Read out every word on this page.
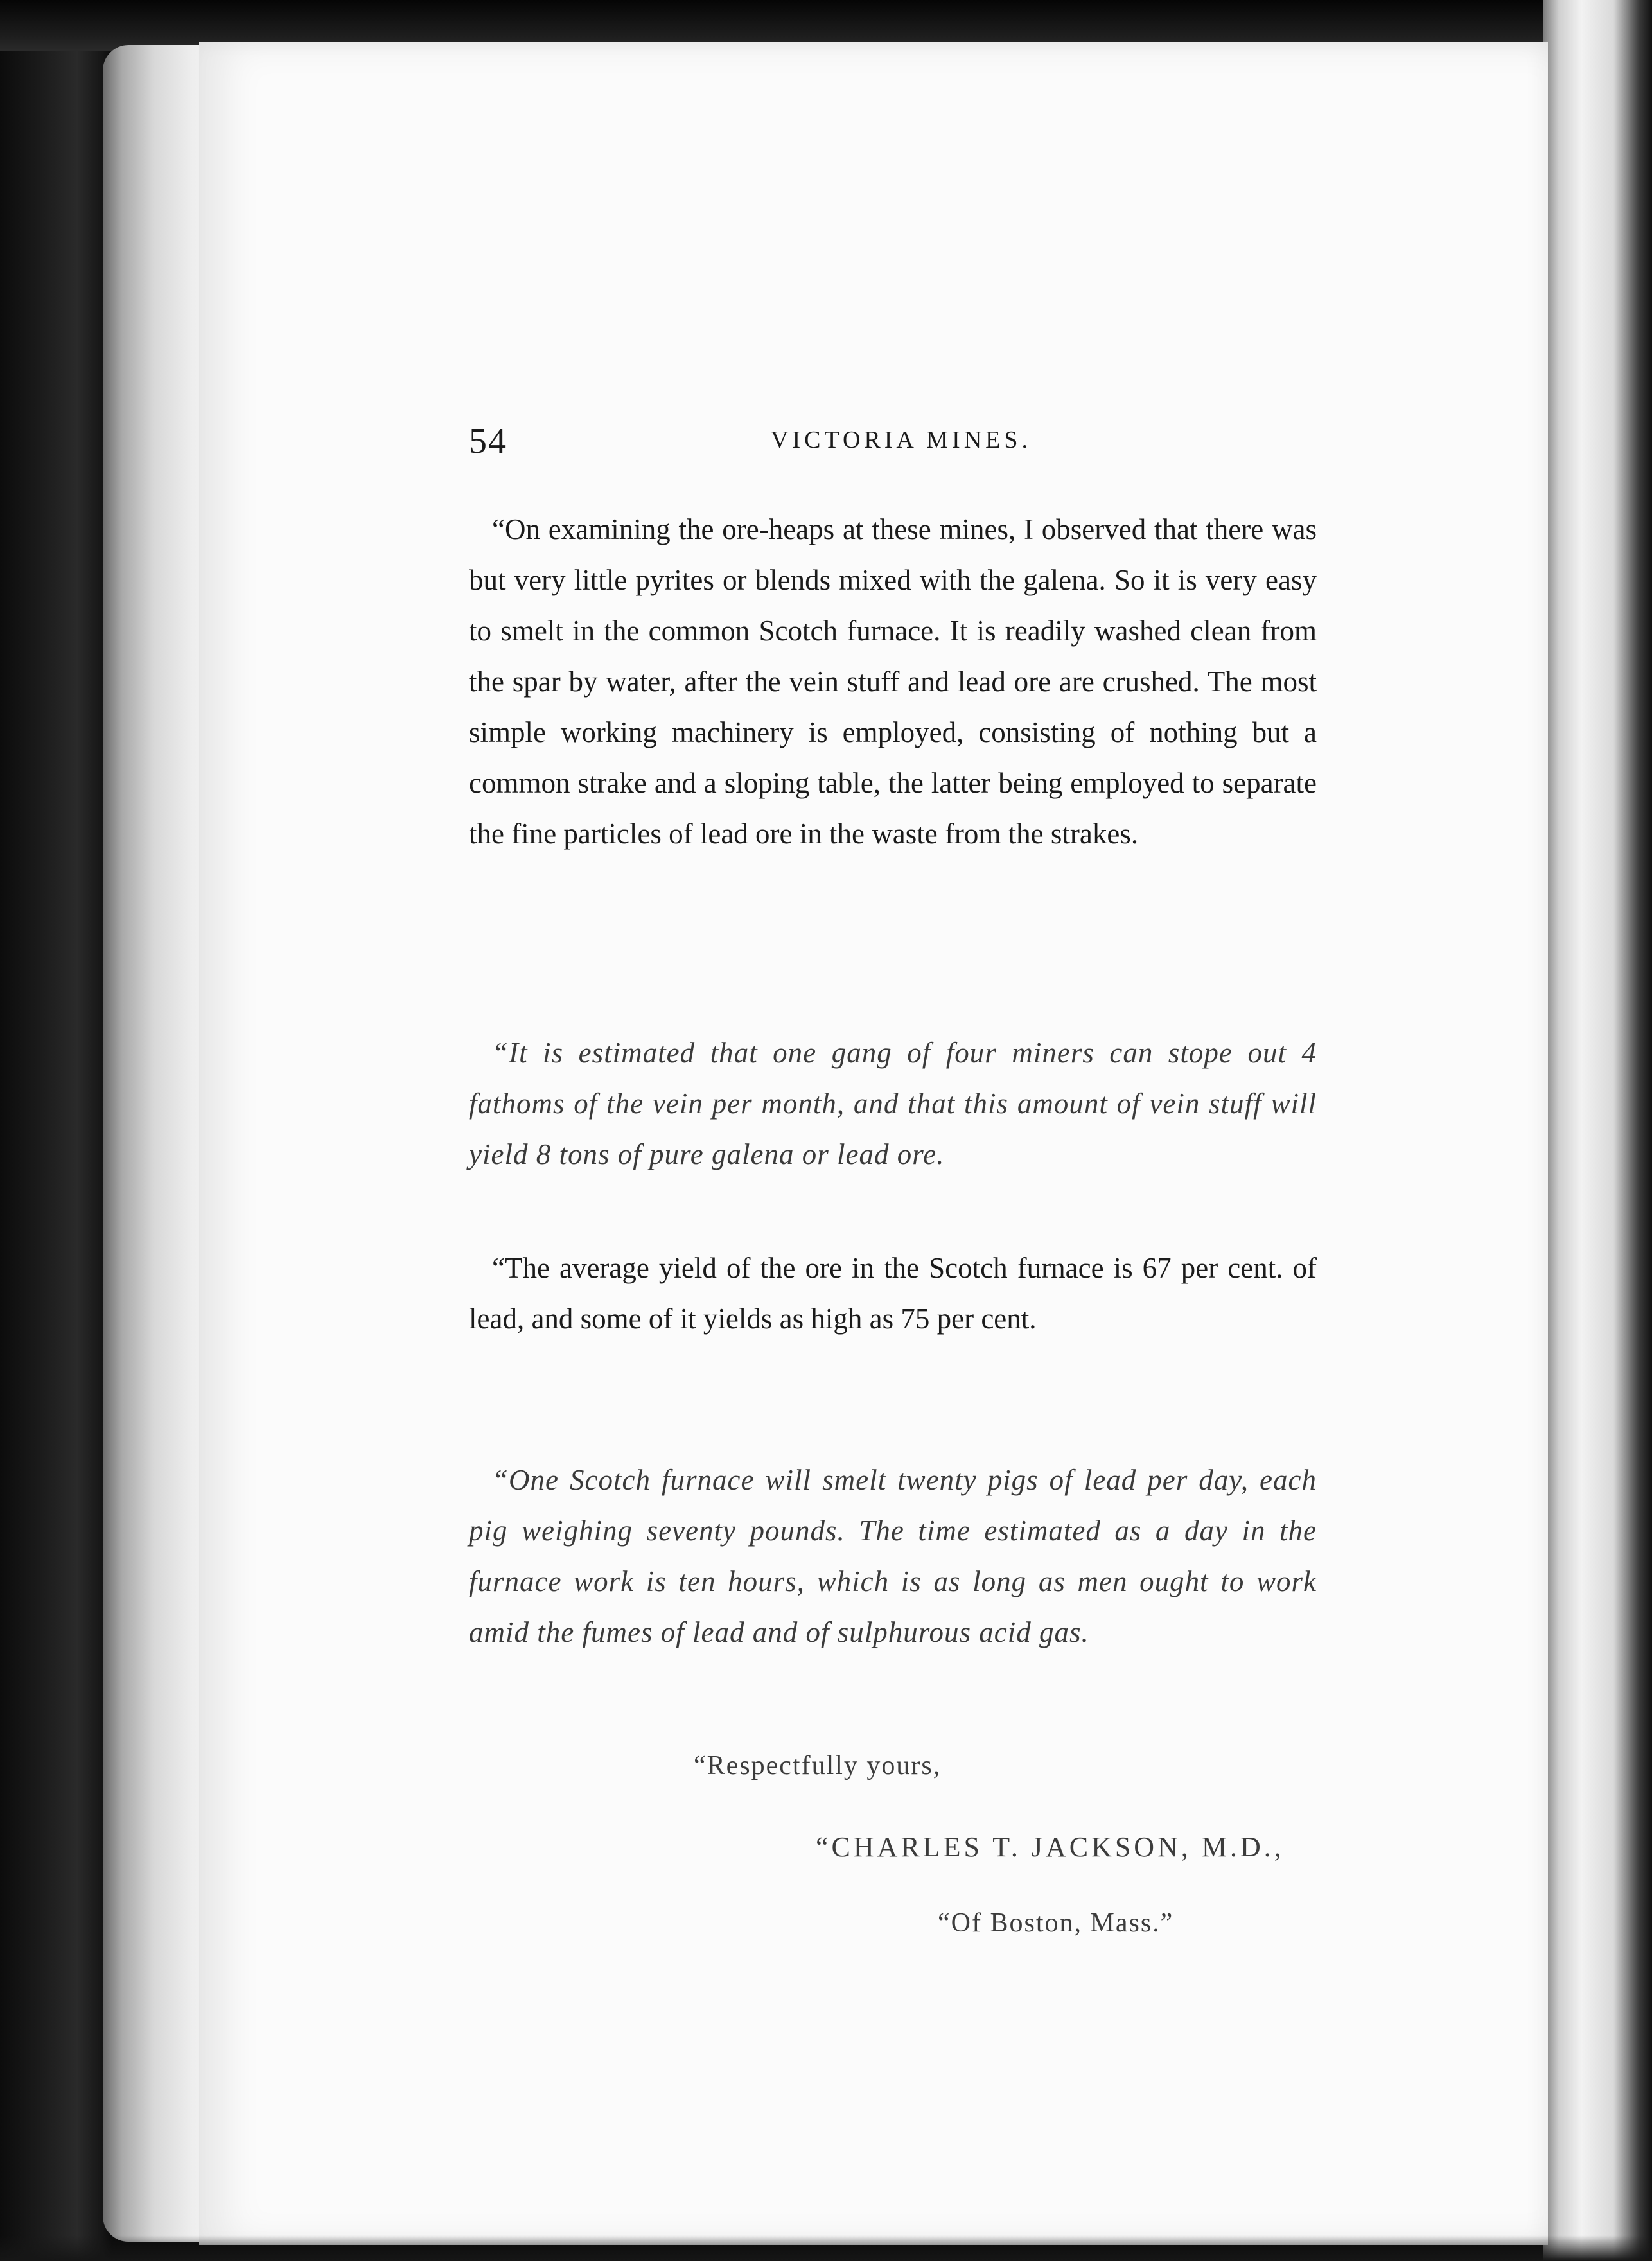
54	VICTORIA MINES.

“On examining the ore-heaps at these mines, I observed that there was but very little pyrites or blends mixed with the galena. So it is very easy to smelt in the common Scotch furnace. It is readily washed clean from the spar by water, after the vein stuff and lead ore are crushed. The most simple working machinery is employed, consisting of nothing but a common strake and a sloping table, the latter being employed to separate the fine particles of lead ore in the waste from the strakes.

“It is estimated that one gang of four miners can stope out 4 fathoms of the vein per month, and that this amount of vein stuff will yield 8 tons of pure galena or lead ore.

“The average yield of the ore in the Scotch furnace is 67 per cent. of lead, and some of it yields as high as 75 per cent.

“One Scotch furnace will smelt twenty pigs of lead per day, each pig weighing seventy pounds. The time estimated as a day in the furnace work is ten hours, which is as long as men ought to work amid the fumes of lead and of sulphurous acid gas.

“Respectfully yours,
“CHARLES T. JACKSON, M.D.,
“Of Boston, Mass.”
